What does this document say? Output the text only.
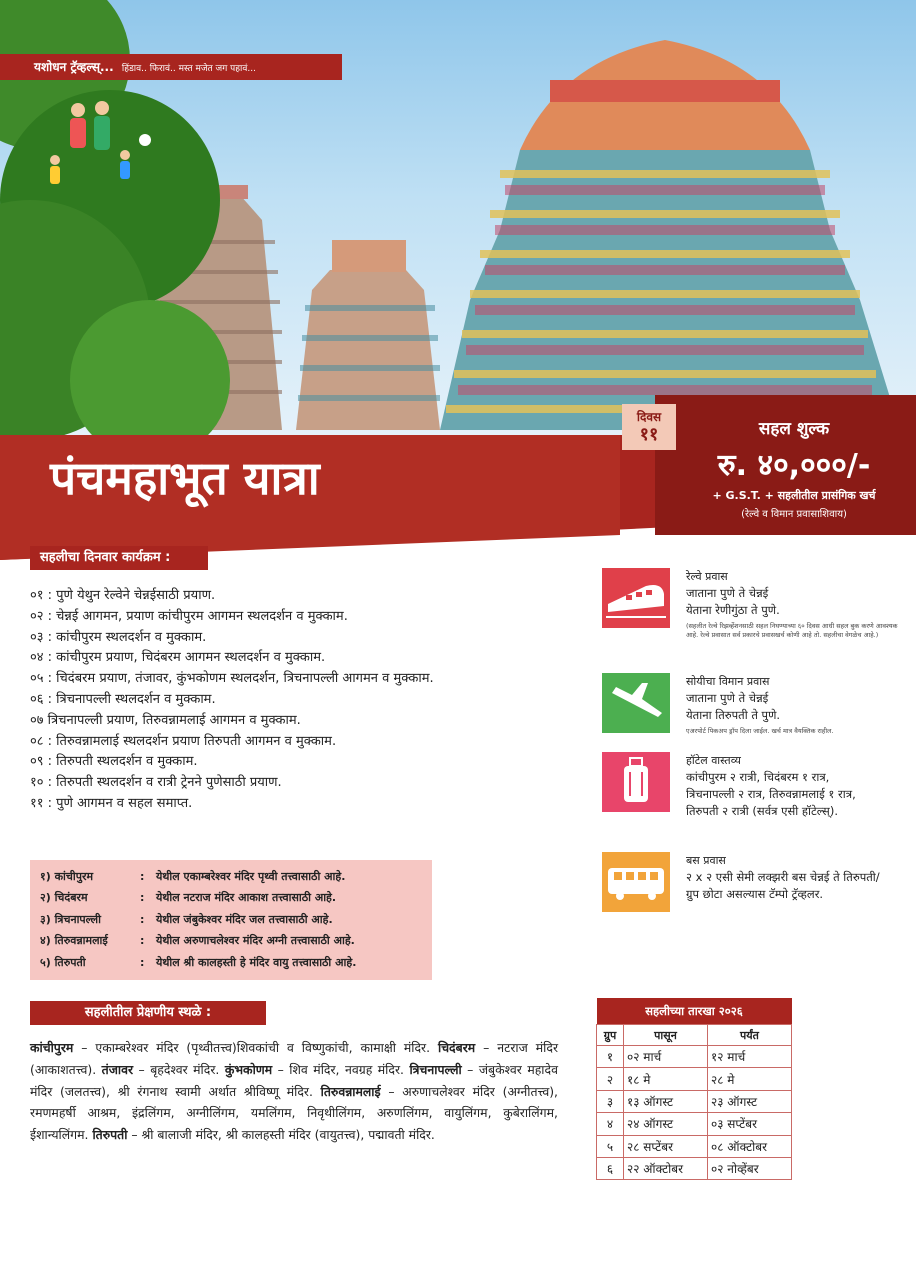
यशोधन ट्रॅव्हल्स्... हिंडाव.. फिरावं.. मस्त मजेत जग पहावं...
पंचमहाभूत यात्रा
दिवस
११	सहल शुल्क
रु. ४०,०००/-
+ G.S.T. + सहलीतील प्रासंगिक खर्च
(रेल्वे व विमान प्रवासाशिवाय)
सहलीचा दिनवार कार्यक्रम :
०१ : पुणे येथुन रेल्वेने चेन्नईसाठी प्रयाण.
०२ : चेन्नई आगमन, प्रयाण कांचीपुरम आगमन स्थलदर्शन व मुक्काम.
०३ : कांचीपुरम स्थलदर्शन व मुक्काम.
०४ : कांचीपुरम प्रयाण, चिदंबरम आगमन स्थलदर्शन व मुक्काम.
०५ : चिदंबरम प्रयाण, तंजावर, कुंभकोणम स्थलदर्शन, त्रिचनापल्ली आगमन व मुक्काम.
०६ : त्रिचनापल्ली स्थलदर्शन व मुक्काम.
०७ त्रिचनापल्ली प्रयाण, तिरुवन्नामलाई आगमन व मुक्काम.
०८ : तिरुवन्नामलाई स्थलदर्शन प्रयाण तिरुपती आगमन व मुक्काम.
०९ : तिरुपती स्थलदर्शन व मुक्काम.
१० : तिरुपती स्थलदर्शन व रात्री ट्रेनने पुणेसाठी प्रयाण.
११ : पुणे आगमन व सहल समाप्त.
१) कांचीपुरम	:	येथील एकाम्बरेश्वर मंदिर पृथ्वी तत्त्वासाठी आहे.
२) चिदंबरम	:	येथील नटराज मंदिर आकाश तत्त्वासाठी आहे.
३) त्रिचनापल्ली	:	येथील जंबुकेश्वर मंदिर जल तत्त्वासाठी आहे.
४) तिरुवन्नामलाई	:	येथील अरुणाचलेश्वर मंदिर अग्नी तत्त्वासाठी आहे.
५) तिरुपती	:	येथील श्री कालहस्ती हे मंदिर वायु तत्त्वासाठी आहे.
सहलीतील प्रेक्षणीय स्थळे :
कांचीपुरम – एकाम्बरेश्वर मंदिर (पृथ्वीतत्त्व)शिवकांची व विष्णुकांची, कामाक्षी मंदिर. चिदंबरम – नटराज मंदिर (आकाशतत्त्व). तंजावर – बृहदेश्वर मंदिर. कुंभकोणम – शिव मंदिर, नवग्रह मंदिर. त्रिचनापल्ली – जंबुकेश्वर महादेव मंदिर (जलतत्त्व), श्री रंगनाथ स्वामी अर्थात श्रीविष्णू मंदिर. तिरुवन्नामलाई – अरुणाचलेश्वर मंदिर (अग्नीतत्त्व), रमणमहर्षी आश्रम, इंद्रलिंगम, अग्नीलिंगम, यमलिंगम, निवृथीलिंगम, अरुणलिंगम, वायुलिंगम, कुबेरालिंगम, ईशान्यलिंगम. तिरुपती – श्री बालाजी मंदिर, श्री कालहस्ती मंदिर (वायुतत्त्व), पद्मावती मंदिर.
रेल्वे प्रवास
जाताना पुणे ते चेन्नई
येताना रेणीगुंठा ते पुणे.
(सहलीत रेल्वे रिझर्व्हेशनसाठी सहल निघण्याच्या ६० दिवस आधी सहल बुक करणे आवश्यक आहे. रेल्वे प्रवासात सर्व प्रकारचे प्रवासखर्च कोणी आहे तो. सहलीचा वेगळेच आहे.)
सोयीचा विमान प्रवास
जाताना पुणे ते चेन्नई
येताना तिरुपती ते पुणे.
एअरपोर्ट पिकअप ड्रॉप दिला जाईल. खर्च मात्र वैयक्तिक राहील.
हॉटेल वास्तव्य
कांचीपुरम २ रात्री, चिदंबरम १ रात्र,
त्रिचनापल्ली २ रात्र, तिरुवन्नामलाई १ रात्र,
तिरुपती २ रात्री (सर्वत्र एसी हॉटेल्स्).
बस प्रवास
२ x २ एसी सेमी लक्झरी बस चेन्नई ते तिरुपती/
ग्रुप छोटा असल्यास टॅम्पो ट्रॅव्हलर.
सहलीच्या तारखा २०२६		
ग्रुप	पासून	पर्यंत
१	०२ मार्च	१२ मार्च
२	१८ मे	२८ मे
३	१३ ऑगस्ट	२३ ऑगस्ट
४	२४ ऑगस्ट	०३ सप्टेंबर
५	२८ सप्टेंबर	०८ ऑक्टोबर
६	२२ ऑक्टोबर	०२ नोव्हेंबर
